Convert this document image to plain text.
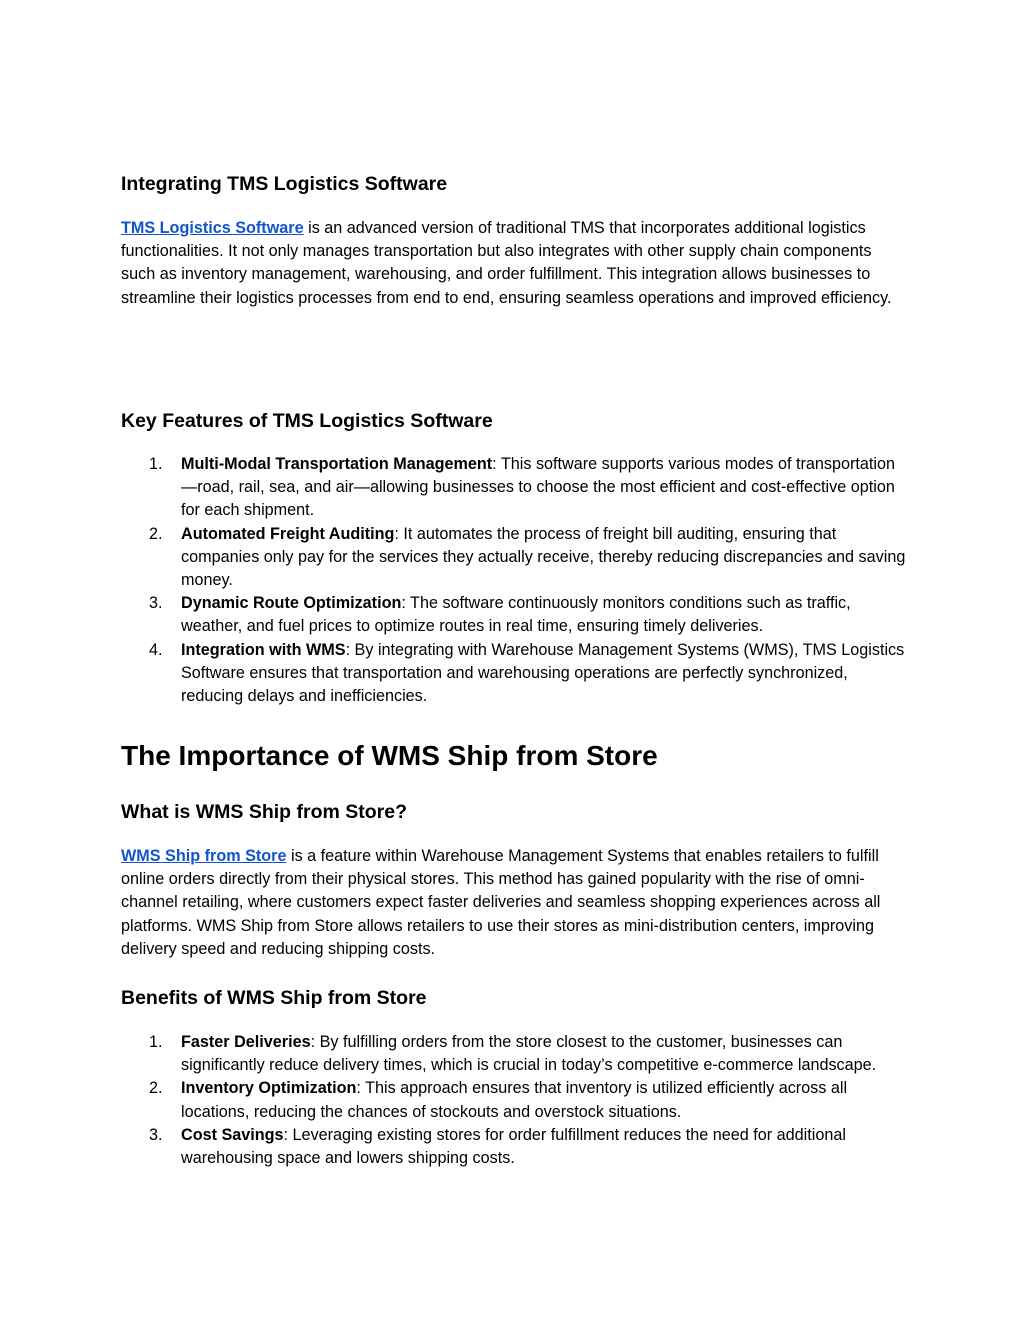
Integrating TMS Logistics Software

TMS Logistics Software is an advanced version of traditional TMS that incorporates additional logistics functionalities. It not only manages transportation but also integrates with other supply chain components such as inventory management, warehousing, and order fulfillment. This integration allows businesses to streamline their logistics processes from end to end, ensuring seamless operations and improved efficiency.

Key Features of TMS Logistics Software
1. Multi-Modal Transportation Management: This software supports various modes of transportation—road, rail, sea, and air—allowing businesses to choose the most efficient and cost-effective option for each shipment.
2. Automated Freight Auditing: It automates the process of freight bill auditing, ensuring that companies only pay for the services they actually receive, thereby reducing discrepancies and saving money.
3. Dynamic Route Optimization: The software continuously monitors conditions such as traffic, weather, and fuel prices to optimize routes in real time, ensuring timely deliveries.
4. Integration with WMS: By integrating with Warehouse Management Systems (WMS), TMS Logistics Software ensures that transportation and warehousing operations are perfectly synchronized, reducing delays and inefficiencies.
The Importance of WMS Ship from Store
What is WMS Ship from Store?

WMS Ship from Store is a feature within Warehouse Management Systems that enables retailers to fulfill online orders directly from their physical stores. This method has gained popularity with the rise of omni-channel retailing, where customers expect faster deliveries and seamless shopping experiences across all platforms. WMS Ship from Store allows retailers to use their stores as mini-distribution centers, improving delivery speed and reducing shipping costs.

Benefits of WMS Ship from Store
1. Faster Deliveries: By fulfilling orders from the store closest to the customer, businesses can significantly reduce delivery times, which is crucial in today’s competitive e-commerce landscape.
2. Inventory Optimization: This approach ensures that inventory is utilized efficiently across all locations, reducing the chances of stockouts and overstock situations.
3. Cost Savings: Leveraging existing stores for order fulfillment reduces the need for additional warehousing space and lowers shipping costs.
